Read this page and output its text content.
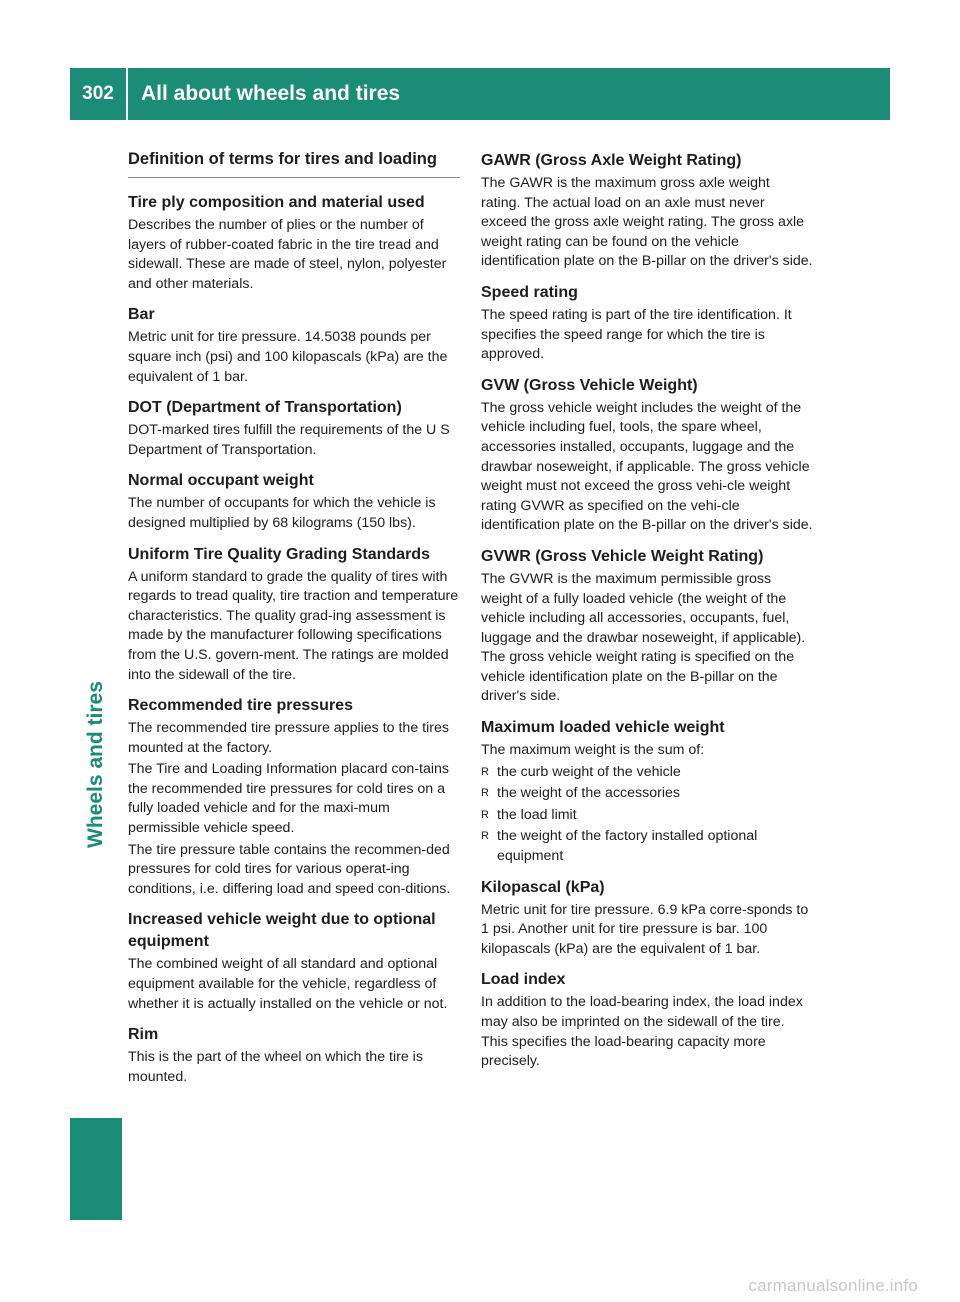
302	All about wheels and tires
Wheels and tires
Definition of terms for tires and loading
Tire ply composition and material used

Describes the number of plies or the number of layers of rubber-coated fabric in the tire tread and sidewall. These are made of steel, nylon, polyester and other materials.

Bar

Metric unit for tire pressure. 14.5038 pounds per square inch (psi) and 100 kilopascals (kPa) are the equivalent of 1 bar.

DOT (Department of Transportation)

DOT-marked tires fulfill the requirements of the U S Department of Transportation.

Normal occupant weight

The number of occupants for which the vehicle is designed multiplied by 68 kilograms (150 lbs).

Uniform Tire Quality Grading Standards

A uniform standard to grade the quality of tires with regards to tread quality, tire traction and temperature characteristics. The quality grad-ing assessment is made by the manufacturer following specifications from the U.S. govern-ment. The ratings are molded into the sidewall of the tire.

Recommended tire pressures

The recommended tire pressure applies to the tires mounted at the factory.

The Tire and Loading Information placard con-tains the recommended tire pressures for cold tires on a fully loaded vehicle and for the maxi-mum permissible vehicle speed.

The tire pressure table contains the recommen-ded pressures for cold tires for various operat-ing conditions, i.e. differing load and speed con-ditions.

Increased vehicle weight due to optional equipment

The combined weight of all standard and optional equipment available for the vehicle, regardless of whether it is actually installed on the vehicle or not.

Rim

This is the part of the wheel on which the tire is mounted.

GAWR (Gross Axle Weight Rating)

The GAWR is the maximum gross axle weight rating. The actual load on an axle must never exceed the gross axle weight rating. The gross axle weight rating can be found on the vehicle identification plate on the B-pillar on the driver's side.

Speed rating

The speed rating is part of the tire identification. It specifies the speed range for which the tire is approved.

GVW (Gross Vehicle Weight)

The gross vehicle weight includes the weight of the vehicle including fuel, tools, the spare wheel, accessories installed, occupants, luggage and the drawbar noseweight, if applicable. The gross vehicle weight must not exceed the gross vehi-cle weight rating GVWR as specified on the vehi-cle identification plate on the B-pillar on the driver's side.

GVWR (Gross Vehicle Weight Rating)

The GVWR is the maximum permissible gross weight of a fully loaded vehicle (the weight of the vehicle including all accessories, occupants, fuel, luggage and the drawbar noseweight, if applicable). The gross vehicle weight rating is specified on the vehicle identification plate on the B-pillar on the driver's side.

Maximum loaded vehicle weight

The maximum weight is the sum of:

R the curb weight of the vehicle
R the weight of the accessories
R the load limit
R the weight of the factory installed optional equipment
Kilopascal (kPa)

Metric unit for tire pressure. 6.9 kPa corre-sponds to 1 psi. Another unit for tire pressure is bar. 100 kilopascals (kPa) are the equivalent of 1 bar.

Load index

In addition to the load-bearing index, the load index may also be imprinted on the sidewall of the tire. This specifies the load-bearing capacity more precisely.

carmanualsonline.info
